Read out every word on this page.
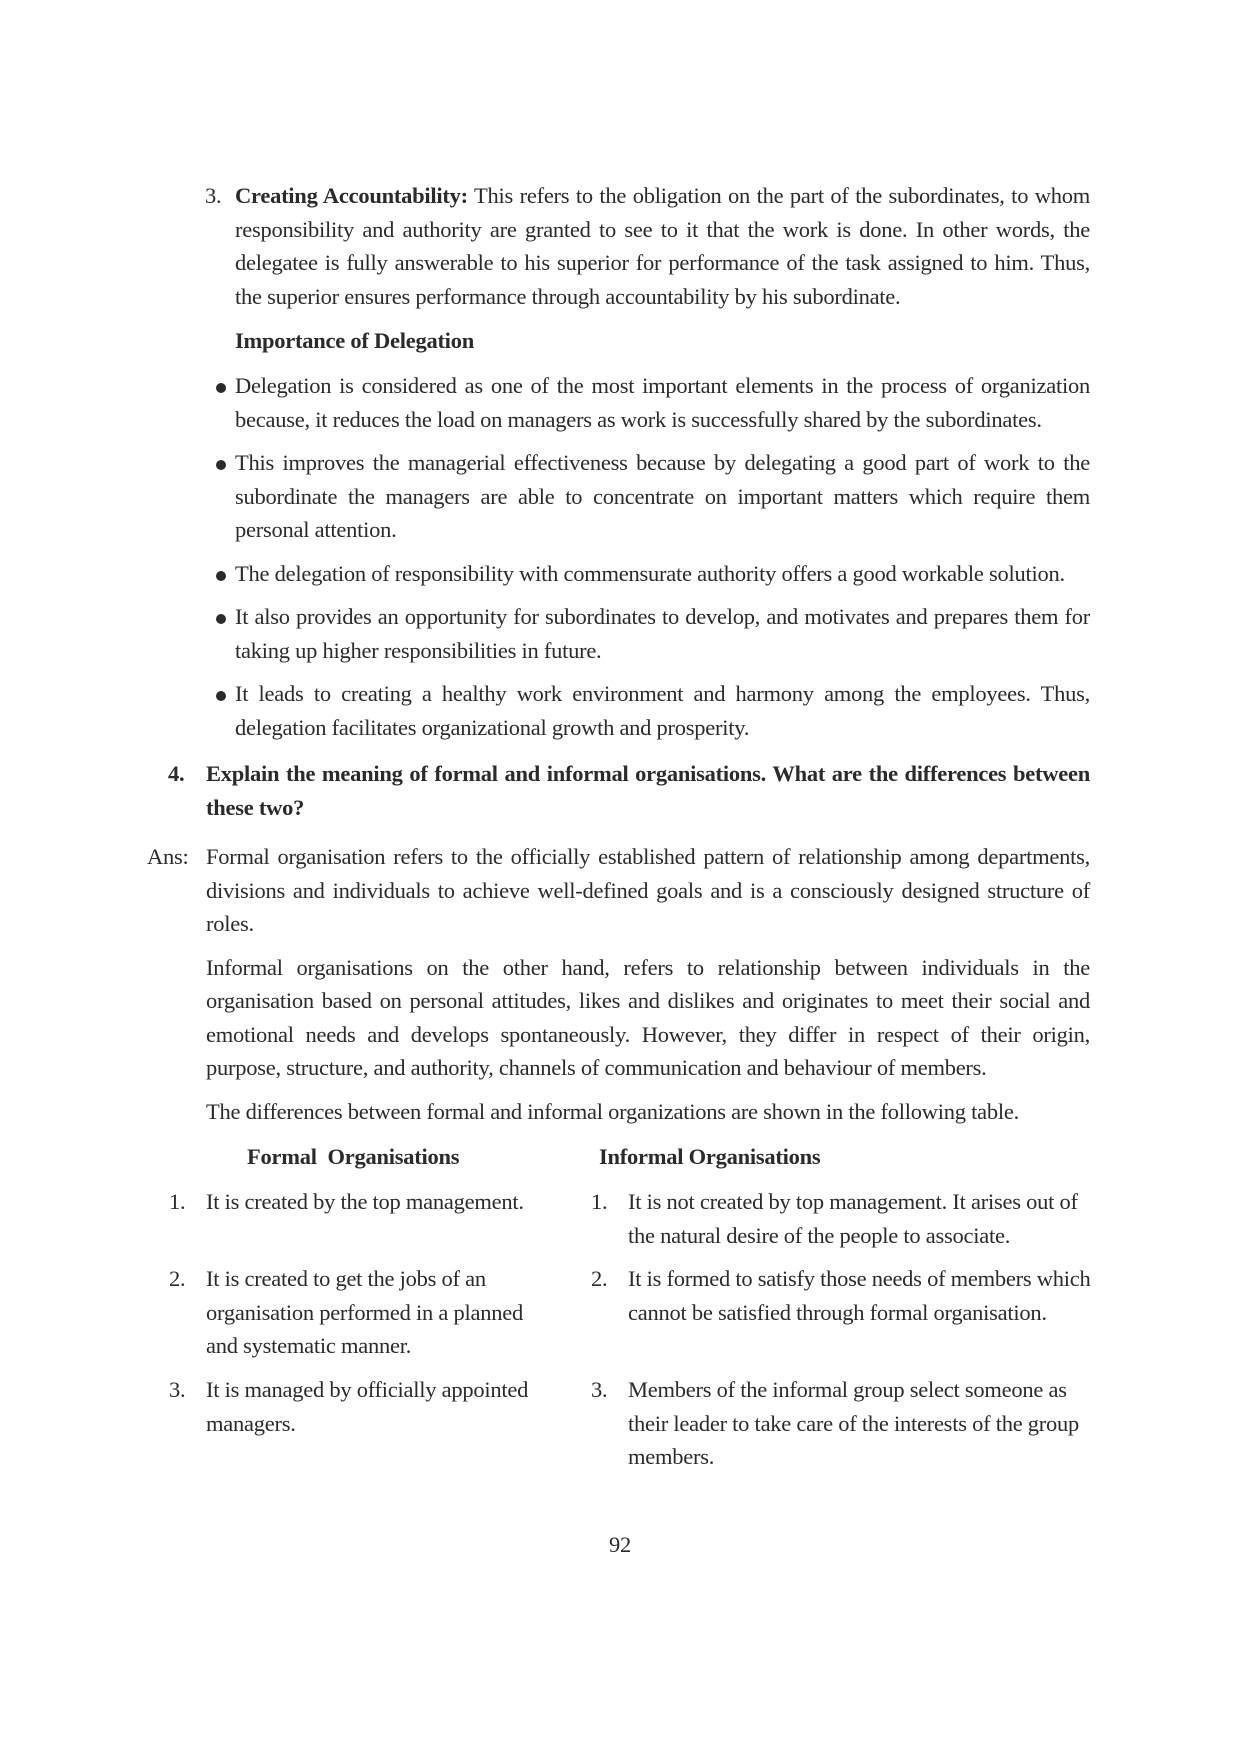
3. Creating Accountability: This refers to the obligation on the part of the subordinates, to whom responsibility and authority are granted to see to it that the work is done. In other words, the delegatee is fully answerable to his superior for performance of the task assigned to him. Thus, the superior ensures performance through accountability by his subordinate.
Importance of Delegation
Delegation is considered as one of the most important elements in the process of organization because, it reduces the load on managers as work is successfully shared by the subordinates.
This improves the managerial effectiveness because by delegating a good part of work to the subordinate the managers are able to concentrate on important matters which require them personal attention.
The delegation of responsibility with commensurate authority offers a good workable solution.
It also provides an opportunity for subordinates to develop, and motivates and prepares them for taking up higher responsibilities in future.
It leads to creating a healthy work environment and harmony among the employees. Thus, delegation facilitates organizational growth and prosperity.
4. Explain the meaning of formal and informal organisations. What are the differences between these two?
Ans: Formal organisation refers to the officially established pattern of relationship among departments, divisions and individuals to achieve well-defined goals and is a consciously designed structure of roles.

Informal organisations on the other hand, refers to relationship between individuals in the organisation based on personal attitudes, likes and dislikes and originates to meet their social and emotional needs and develops spontaneously. However, they differ in respect of their origin, purpose, structure, and authority, channels of communication and behaviour of members.

The differences between formal and informal organizations are shown in the following table.

Formal  Organisations	Informal Organisations
1. It is created by the top management.	1. It is not created by top management. It arises out of the natural desire of the people to associate.
2. It is created to get the jobs of an organisation performed in a planned and systematic manner.
2. It is formed to satisfy those needs of members which cannot be satisfied through formal organisation.
3. It is managed by officially appointed managers.
3. Members of the informal group select someone as their leader to take care of the interests of the group members.
92
